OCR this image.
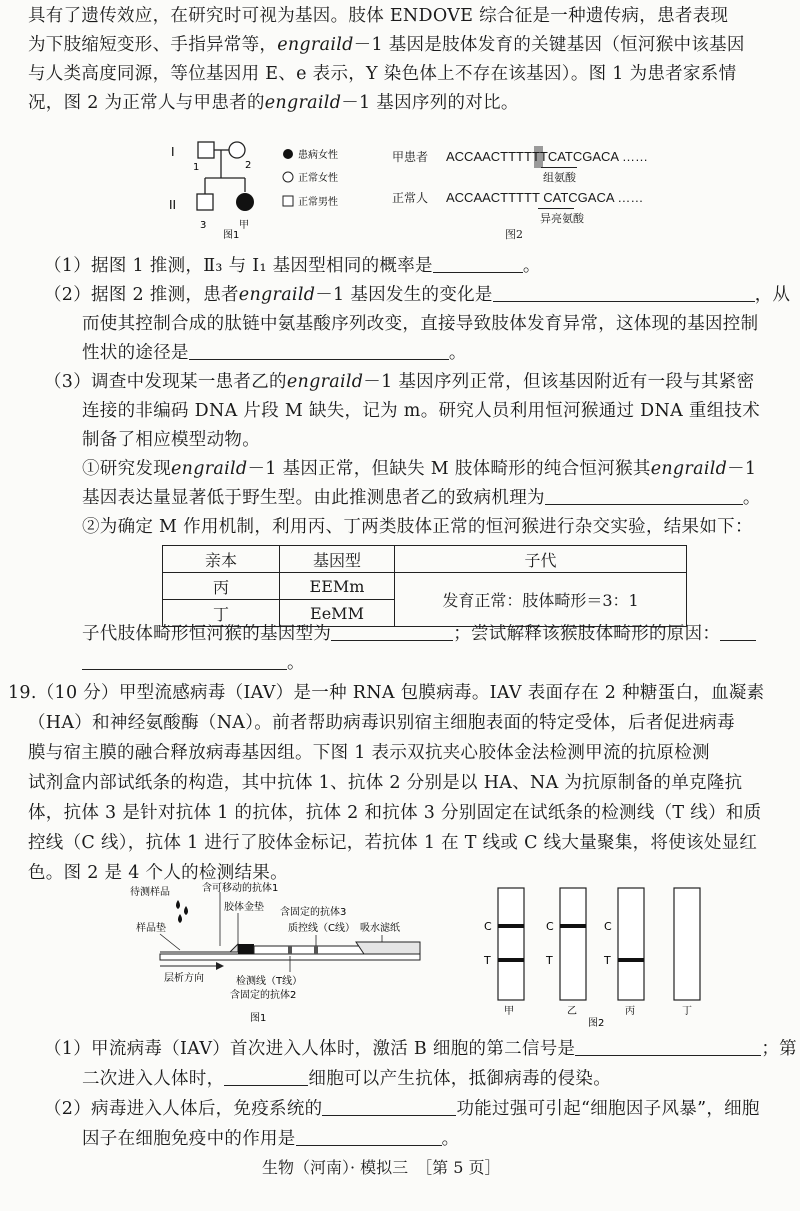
具有了遗传效应，在研究时可视为基因。肢体 ENDOVE 综合征是一种遗传病，患者表现
为下肢缩短变形、手指异常等，engraild－1 基因是肢体发育的关键基因（恒河猴中该基因
与人类高度同源，等位基因用 E、e 表示，Y 染色体上不存在该基因）。图 1 为患者家系情
况，图 2 为正常人与甲患者的engraild－1 基因序列的对比。
I
II
1	2
3	甲
患病女性
正常女性
正常男性
图1
甲患者 ACCAACTTTTTTCATCGACA ……
组氨酸
正常人 ACCAACTTTTT CATCGACA ……
异亮氨酸
图2
（1）据图 1 推测，Ⅱ₃ 与 Ⅰ₁ 基因型相同的概率是	。
（2）据图 2 推测，患者engraild－1 基因发生的变化是	，从
而使其控制合成的肽链中氨基酸序列改变，直接导致肢体发育异常，这体现的基因控制
性状的途径是	。
（3）调查中发现某一患者乙的engraild－1 基因序列正常，但该基因附近有一段与其紧密
连接的非编码 DNA 片段 M 缺失，记为 m。研究人员利用恒河猴通过 DNA 重组技术
制备了相应模型动物。
①研究发现engraild－1 基因正常，但缺失 M 肢体畸形的纯合恒河猴其engraild－1
基因表达量显著低于野生型。由此推测患者乙的致病机理为	。
②为确定 M 作用机制，利用丙、丁两类肢体正常的恒河猴进行杂交实验，结果如下：
亲本	基因型	子代
丙	EEMm	发育正常：肢体畸形＝3：1
丁	EeMM	
子代肢体畸形恒河猴的基因型为	；尝试解释该猴肢体畸形的原因：
。
19.（10 分）甲型流感病毒（IAV）是一种 RNA 包膜病毒。IAV 表面存在 2 种糖蛋白，血凝素
（HA）和神经氨酸酶（NA）。前者帮助病毒识别宿主细胞表面的特定受体，后者促进病毒
膜与宿主膜的融合释放病毒基因组。下图 1 表示双抗夹心胶体金法检测甲流的抗原检测
试剂盒内部试纸条的构造，其中抗体 1、抗体 2 分别是以 HA、NA 为抗原制备的单克隆抗
体，抗体 3 是针对抗体 1 的抗体，抗体 2 和抗体 3 分别固定在试纸条的检测线（T 线）和质
控线（C 线），抗体 1 进行了胶体金标记，若抗体 1 在 T 线或 C 线大量聚集，将使该处显红
色。图 2 是 4 个人的检测结果。
待测样品	含可移动的抗体1
胶体金垫 含固定的抗体3
质控线（C线） 吸水滤纸
样品垫
层析方向	检测线（T线）
含固定的抗体2
图1
C
T
甲
C
T
乙
C
T
丙	丁
图2
（1）甲流病毒（IAV）首次进入人体时，激活 B 细胞的第二信号是	；第
二次进入人体时，	细胞可以产生抗体，抵御病毒的侵染。
（2）病毒进入人体后，免疫系统的	功能过强可引起“细胞因子风暴”，细胞
因子在细胞免疫中的作用是	。
生物（河南）· 模拟三　［第 5 页］
